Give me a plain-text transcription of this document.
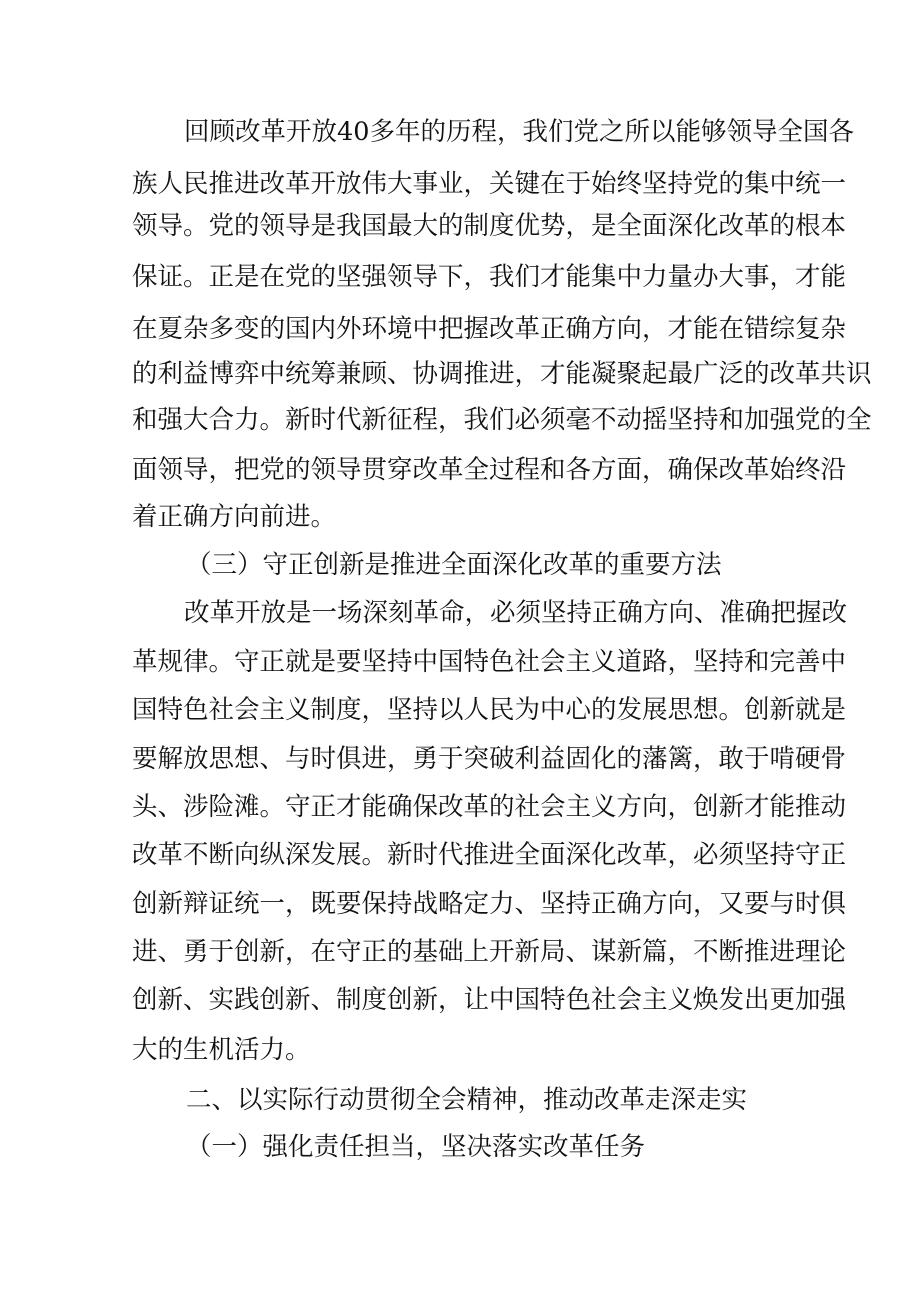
回顾改革开放40多年的历程，我们党之所以能够领导全国各
族人民推进改革开放伟大事业，关键在于始终坚持党的集中统一
领导。党的领导是我国最大的制度优势，是全面深化改革的根本
保证。正是在党的坚强领导下，我们才能集中力量办大事，才能
在夏杂多变的国内外环境中把握改革正确方向，才能在错综复杂
的利益博弈中统筹兼顾、协调推进，才能凝聚起最广泛的改革共识
和强大合力。新时代新征程，我们必须毫不动摇坚持和加强党的全
面领导，把党的领导贯穿改革全过程和各方面，确保改革始终沿
着正确方向前进。
（三）守正创新是推进全面深化改革的重要方法
改革开放是一场深刻革命，必须坚持正确方向、准确把握改
革规律。守正就是要坚持中国特色社会主义道路，坚持和完善中
国特色社会主义制度，坚持以人民为中心的发展思想。创新就是
要解放思想、与时俱进，勇于突破利益固化的藩篱，敢于啃硬骨
头、涉险滩。守正才能确保改革的社会主义方向，创新才能推动
改革不断向纵深发展。新时代推进全面深化改革，必须坚持守正
创新辩证统一，既要保持战略定力、坚持正确方向，又要与时俱
进、勇于创新，在守正的基础上开新局、谋新篇，不断推进理论
创新、实践创新、制度创新，让中国特色社会主义焕发出更加强
大的生机活力。
二、以实际行动贯彻全会精神，推动改革走深走实
（一）强化责任担当，坚决落实改革任务
